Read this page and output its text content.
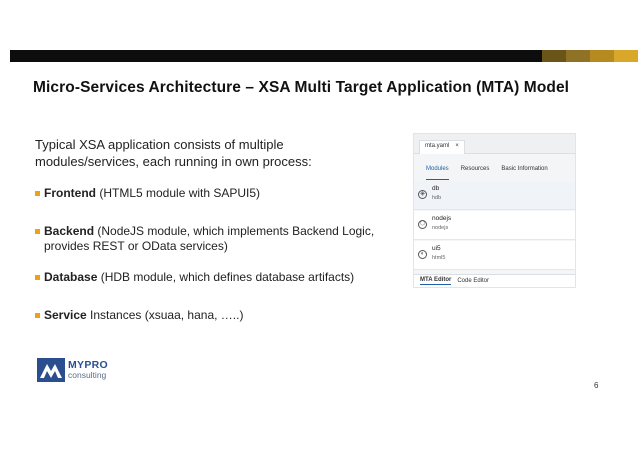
Micro-Services Architecture – XSA Multi Target Application (MTA) Model
Typical XSA application consists of multiple modules/services, each running in own process:
Frontend (HTML5 module with SAPUI5)
Backend (NodeJS module, which implements Backend Logic, provides REST or OData services)
Database (HDB module, which defines database artifacts)
Service Instances (xsuaa, hana, …..)
mta.yaml ×
Modules Resources Basic Information
◈
db
hdb
⬡
nodejs
nodejs
◐
ui5
html5
MTA Editor Code Editor
MYPRO
consulting
6
